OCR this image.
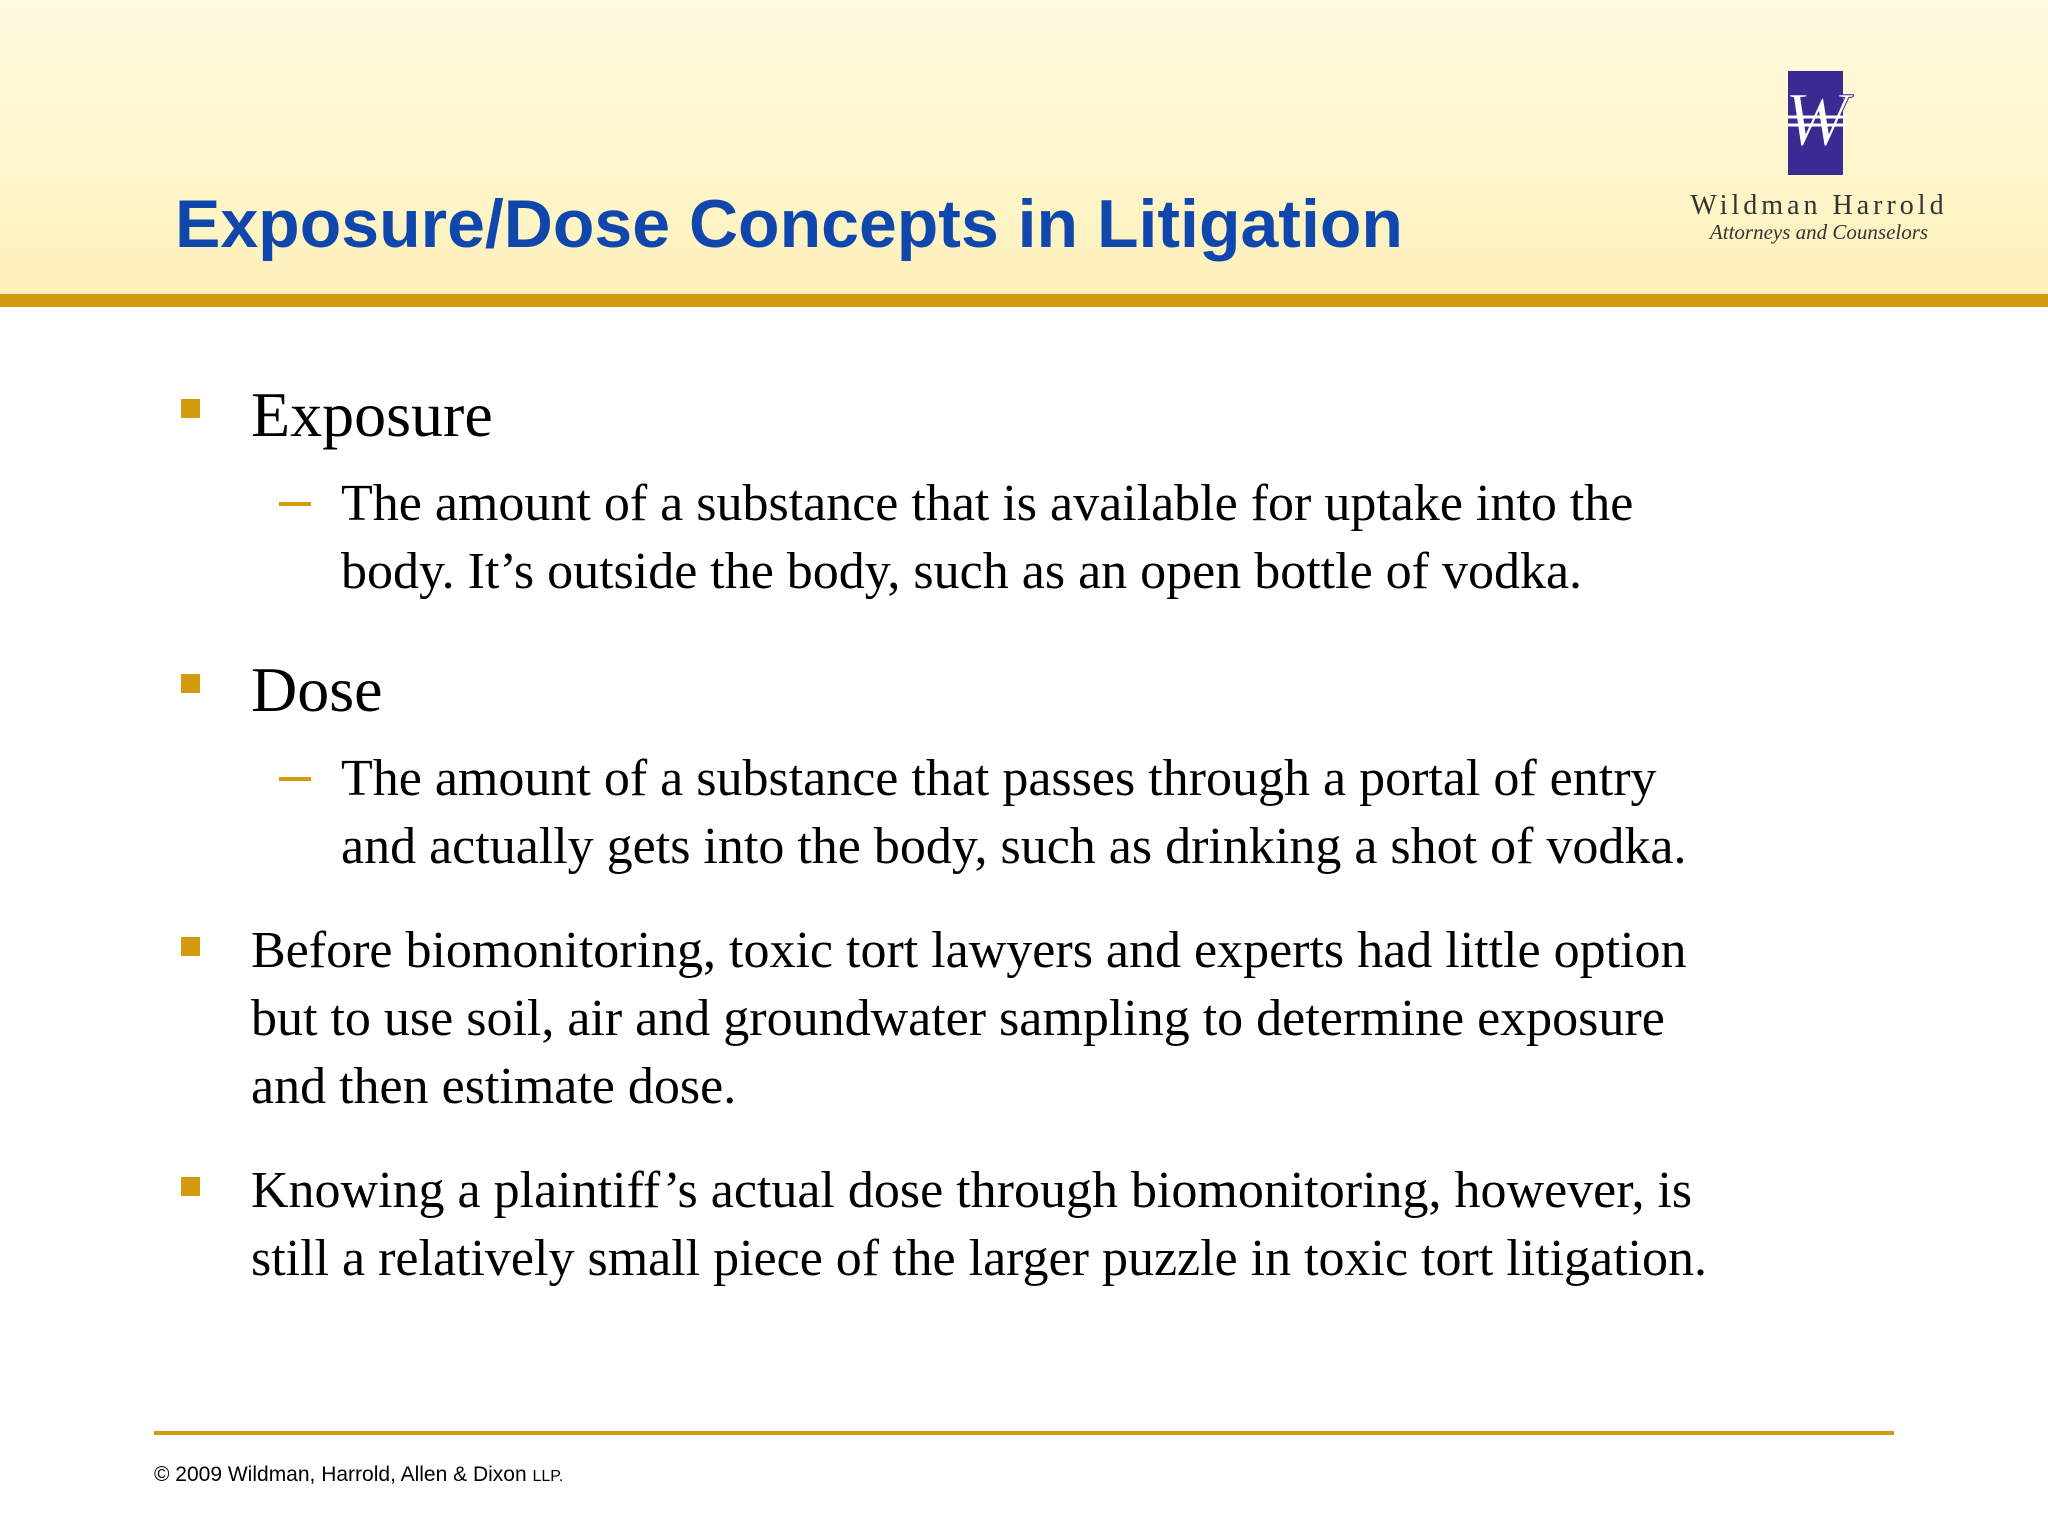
Exposure/Dose Concepts in Litigation
W
Wildman Harrold
Attorneys and Counselors

Exposure

The amount of a substance that is available for uptake into the

body. It’s outside the body, such as an open bottle of vodka.

Dose

The amount of a substance that passes through a portal of entry

and actually gets into the body, such as drinking a shot of vodka.

Before biomonitoring, toxic tort lawyers and experts had little option

but to use soil, air and groundwater sampling to determine exposure

and then estimate dose.

Knowing a plaintiff’s actual dose through biomonitoring, however, is

still a relatively small piece of the larger puzzle in toxic tort litigation.

© 2009 Wildman, Harrold, Allen & Dixon LLP.
